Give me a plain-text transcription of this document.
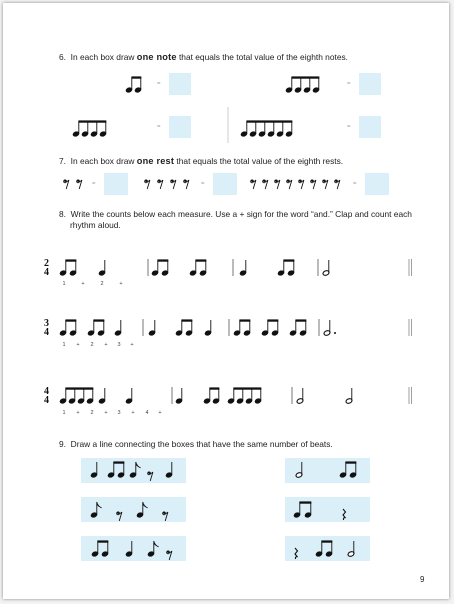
6. In each box draw one note that equals the total value of the eighth notes.
=	=
=	=
7. In each box draw one rest that equals the total value of the eighth rests.
=	=	=
8. Write the counts below each measure. Use a + sign for the word “and.” Clap and count each
rhythm aloud.
9. Draw a line connecting the boxes that have the same number of beats.
2
4
1	+	2	+
3
4
1 + 2 + 3 +
4
4
1 + 2 + 3 + 4 +
9
